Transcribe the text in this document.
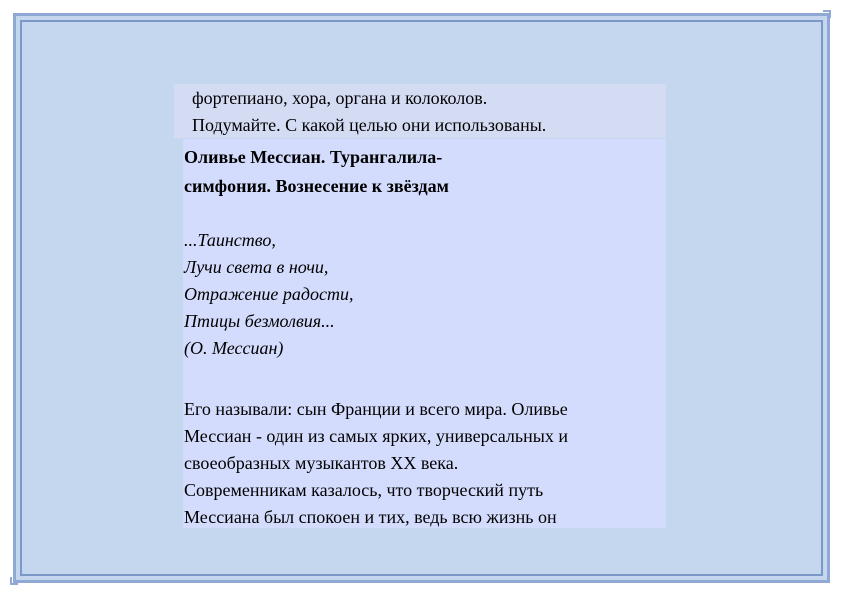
фортепиано, хора, органа и колоколов.
Подумайте. С какой целью они использованы.
Оливье Мессиан. Турангалила-
симфония. Вознесение к звёздам
...Таинство,
Лучи света в ночи,
Отражение радости,
Птицы безмолвия...
(О. Мессиан)
Его называли: сын Франции и всего мира. Оливье
Мессиан - один из самых ярких, универсальных и
своеобразных музыкантов XX века.
Современникам казалось, что творческий путь
Мессиана был спокоен и тих, ведь всю жизнь он
